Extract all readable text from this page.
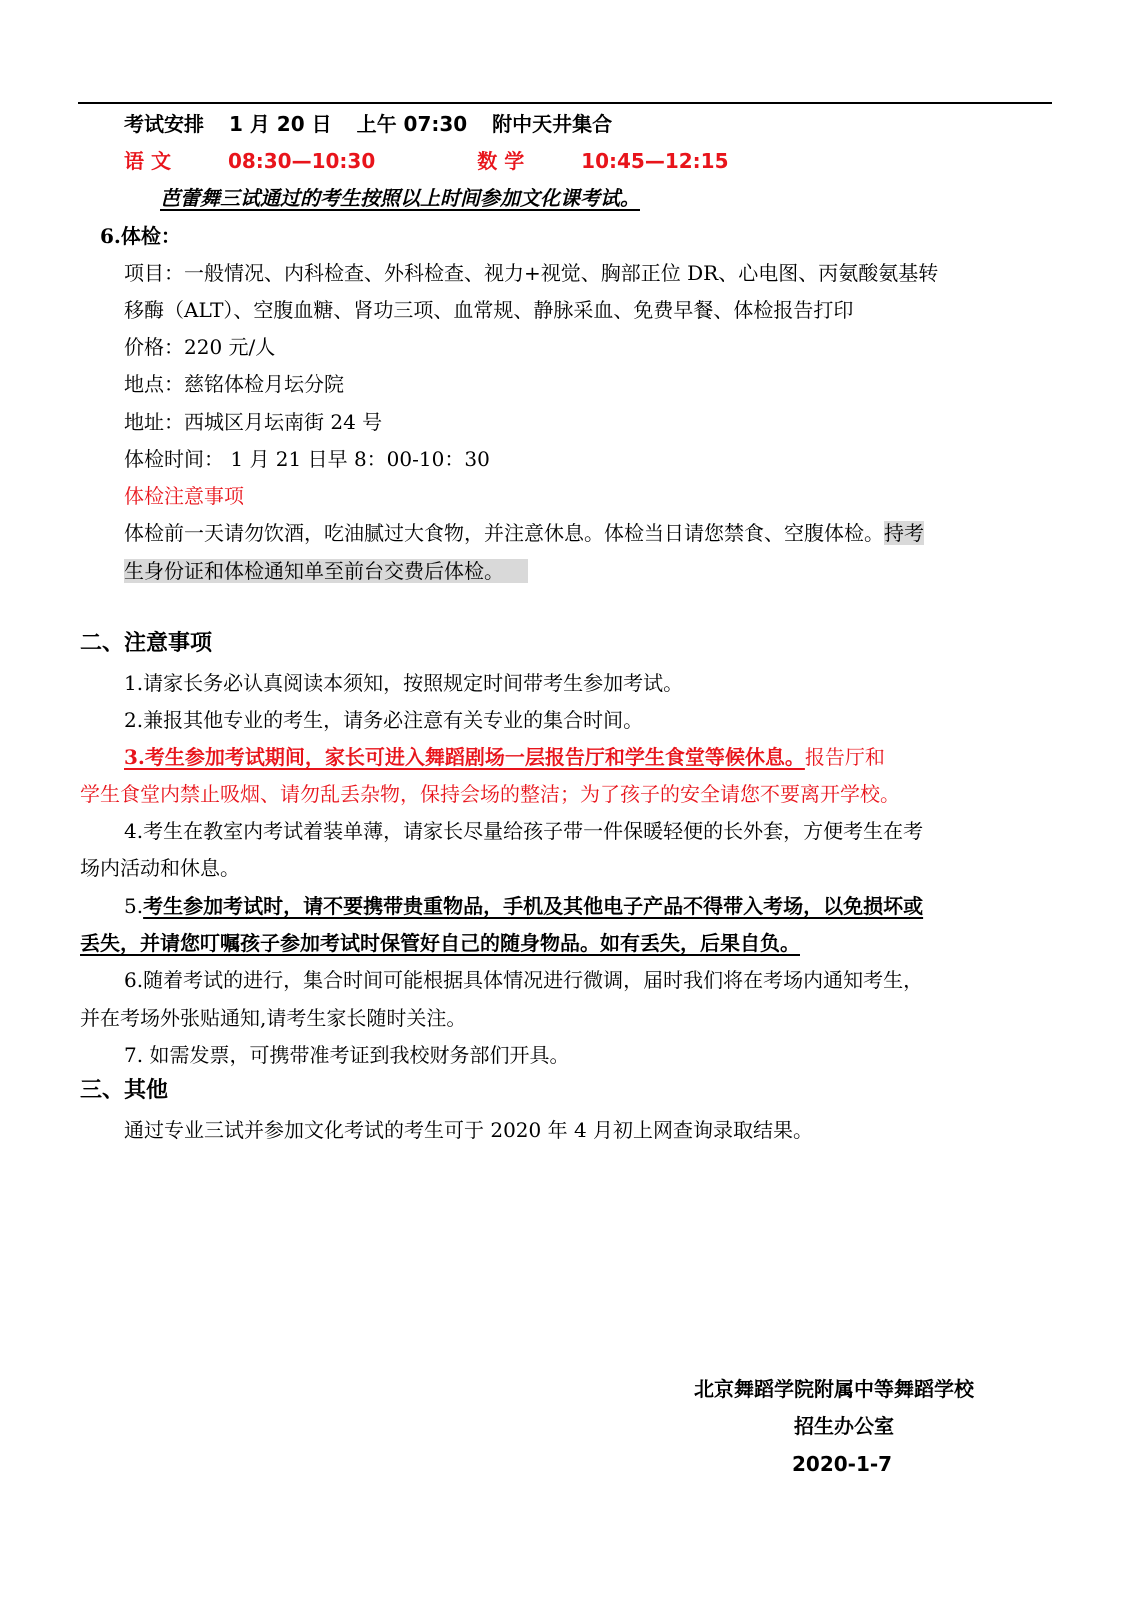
考试安排 1 月 20 日 上午 07:30 附中天井集合
语 文	08:30—10:30	数 学	10:45—12:15
芭蕾舞三试通过的考生按照以上时间参加文化课考试。
6.体检：
项目：一般情况、内科检查、外科检查、视力+视觉、胸部正位 DR、心电图、丙氨酸氨基转
移酶（ALT）、空腹血糖、肾功三项、血常规、静脉采血、免费早餐、体检报告打印
价格：220 元/人
地点：慈铭体检月坛分院
地址：西城区月坛南街 24 号
体检时间： 1 月 21 日早 8：00-10：30
体检注意事项
体检前一天请勿饮酒，吃油腻过大食物，并注意休息。体检当日请您禁食、空腹体检。持考
生身份证和体检通知单至前台交费后体检。
二、注意事项
1.请家长务必认真阅读本须知，按照规定时间带考生参加考试。
2.兼报其他专业的考生，请务必注意有关专业的集合时间。
3.考生参加考试期间，家长可进入舞蹈剧场一层报告厅和学生食堂等候休息。报告厅和
学生食堂内禁止吸烟、请勿乱丢杂物，保持会场的整洁；为了孩子的安全请您不要离开学校。
4.考生在教室内考试着装单薄，请家长尽量给孩子带一件保暖轻便的长外套，方便考生在考
场内活动和休息。
5.考生参加考试时，请不要携带贵重物品，手机及其他电子产品不得带入考场，以免损坏或
丢失，并请您叮嘱孩子参加考试时保管好自己的随身物品。如有丢失，后果自负。
6.随着考试的进行，集合时间可能根据具体情况进行微调，届时我们将在考场内通知考生，
并在考场外张贴通知,请考生家长随时关注。
7. 如需发票，可携带准考证到我校财务部们开具。
三、其他
通过专业三试并参加文化考试的考生可于 2020 年 4 月初上网查询录取结果。
北京舞蹈学院附属中等舞蹈学校
招生办公室
2020-1-7
